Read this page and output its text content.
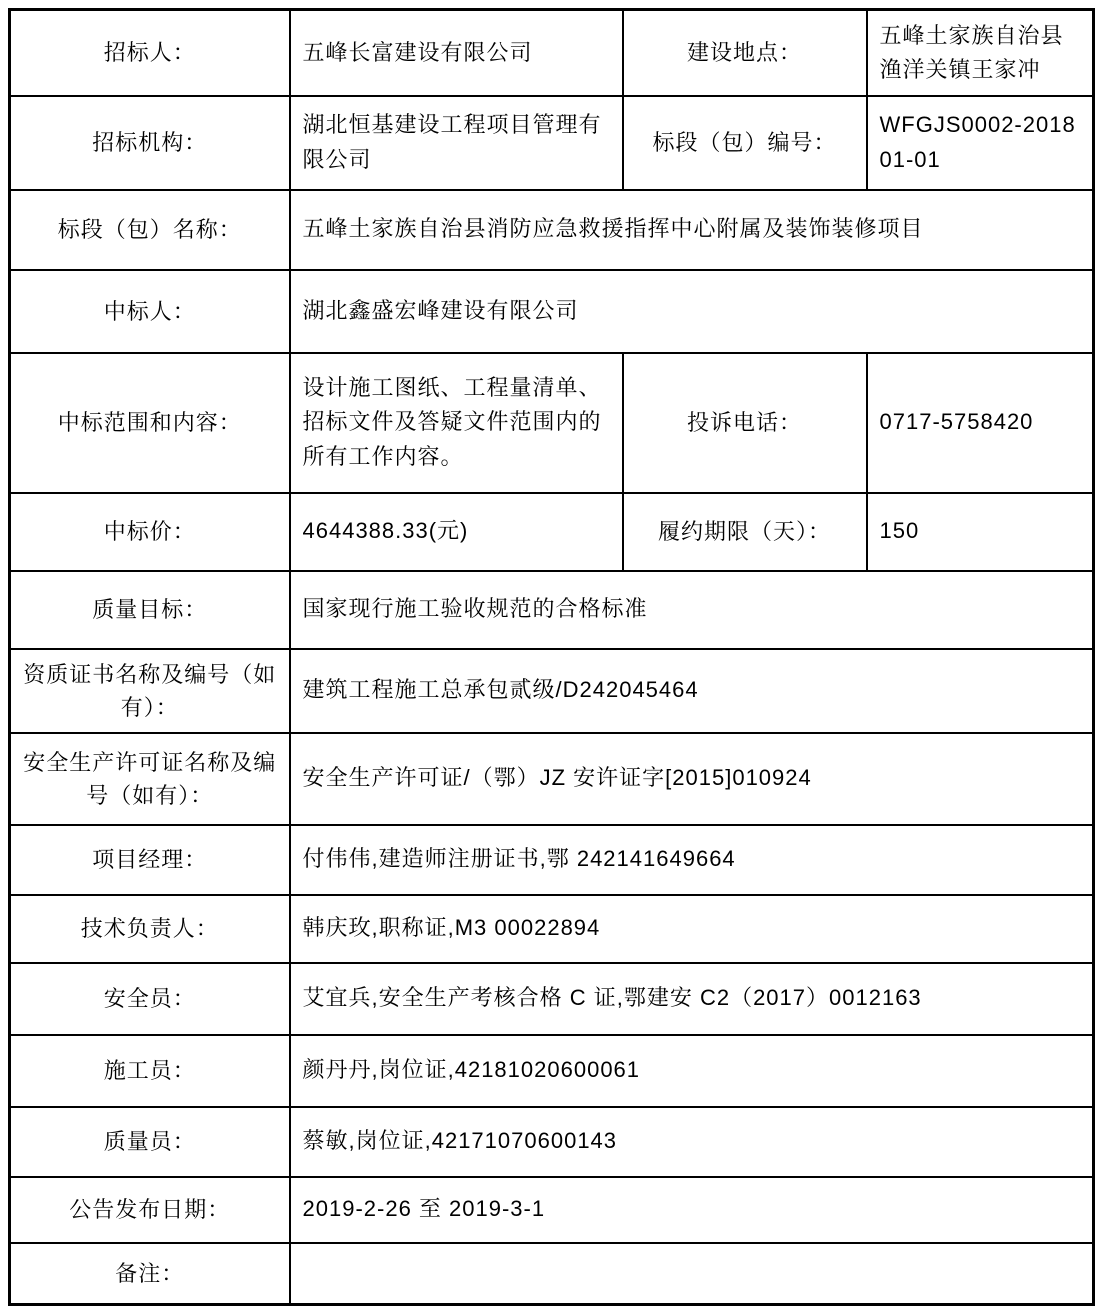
招标人：	五峰长富建设有限公司	建设地点：	五峰土家族自治县渔洋关镇王家冲
招标机构：	湖北恒基建设工程项目管理有限公司	标段（包）编号：	WFGJS0002-201801-01
标段（包）名称：	五峰土家族自治县消防应急救援指挥中心附属及装饰装修项目		
中标人：	湖北鑫盛宏峰建设有限公司		
中标范围和内容：	设计施工图纸、工程量清单、招标文件及答疑文件范围内的所有工作内容。	投诉电话：	0717-5758420
中标价：	4644388.33(元)	履约期限（天）：	150
质量目标：	国家现行施工验收规范的合格标准		
资质证书名称及编号（如有）：	建筑工程施工总承包贰级/D242045464		
安全生产许可证名称及编号（如有）：	安全生产许可证/（鄂）JZ 安许证字[2015]010924		
项目经理：	付伟伟,建造师注册证书,鄂 242141649664		
技术负责人：	韩庆玫,职称证,M3 00022894		
安全员：	艾宜兵,安全生产考核合格 C 证,鄂建安 C2（2017）0012163		
施工员：	颜丹丹,岗位证,42181020600061		
质量员：	蔡敏,岗位证,42171070600143		
公告发布日期：	2019-2-26 至 2019-3-1		
备注：			
